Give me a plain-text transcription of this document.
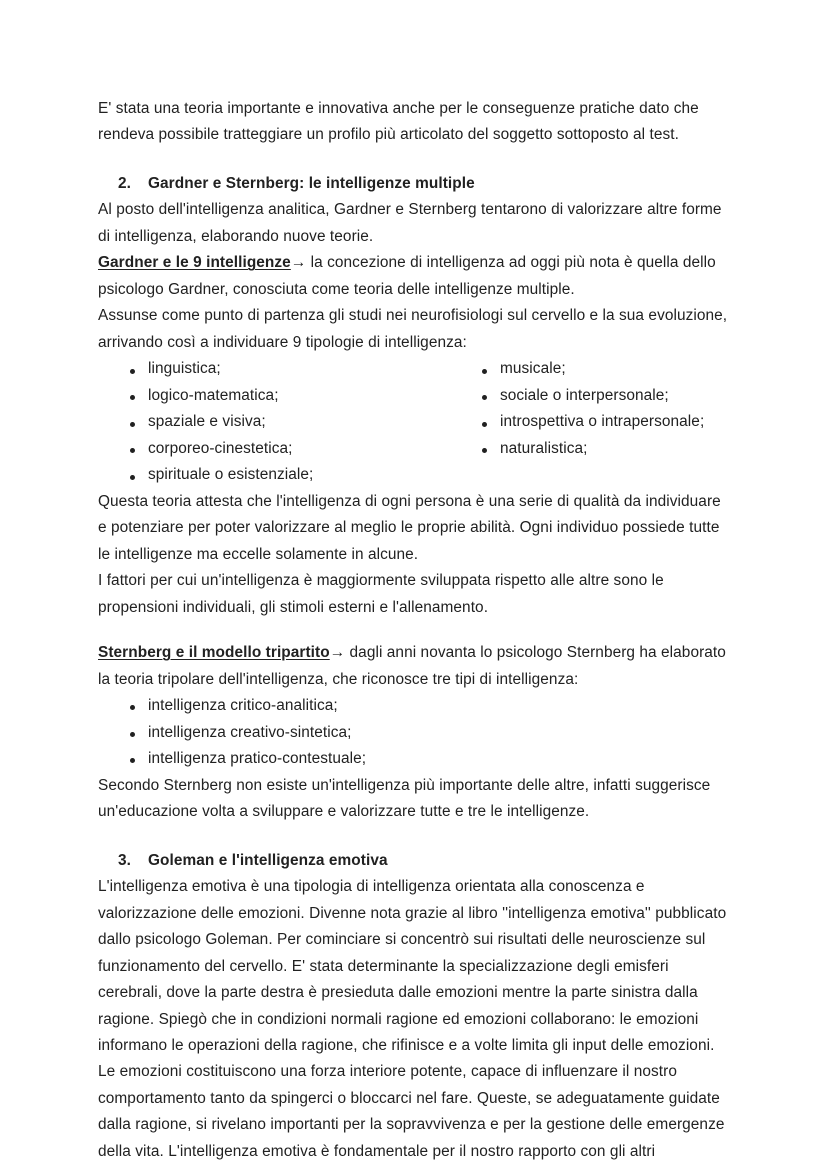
E' stata una teoria importante e innovativa anche per le conseguenze pratiche dato che rendeva possibile tratteggiare un profilo più articolato del soggetto sottoposto al test.

2.	Gardner e Sternberg: le intelligenze multiple

Al posto dell'intelligenza analitica, Gardner e Sternberg tentarono di valorizzare altre forme di intelligenza, elaborando nuove teorie.

Gardner e le 9 intelligenze→ la concezione di intelligenza ad oggi più nota è quella dello psicologo Gardner, conosciuta come teoria delle intelligenze multiple.

Assunse come punto di partenza gli studi nei neurofisiologi sul cervello e la sua evoluzione, arrivando così a individuare 9 tipologie di intelligenza:

linguistica;
logico-matematica;
spaziale e visiva;
corporeo-cinestetica;
spirituale o esistenziale;
musicale;
sociale o interpersonale;
introspettiva o intrapersonale;
naturalistica;

Questa teoria attesta che l'intelligenza di ogni persona è una serie di qualità da individuare e potenziare per poter valorizzare al meglio le proprie abilità. Ogni individuo possiede tutte le intelligenze ma eccelle solamente in alcune.

I fattori per cui un'intelligenza è maggiormente sviluppata rispetto alle altre sono le propensioni individuali, gli stimoli esterni e l'allenamento.

Sternberg e il modello tripartito→ dagli anni novanta lo psicologo Sternberg ha elaborato la teoria tripolare dell'intelligenza, che riconosce tre tipi di intelligenza:

intelligenza critico-analitica;
intelligenza creativo-sintetica;
intelligenza pratico-contestuale;

Secondo Sternberg non esiste un'intelligenza più importante delle altre, infatti suggerisce un'educazione volta a sviluppare e valorizzare tutte e tre le intelligenze.

3.	Goleman e l'intelligenza emotiva

L'intelligenza emotiva è una tipologia di intelligenza orientata alla conoscenza e valorizzazione delle emozioni. Divenne nota grazie al libro ''intelligenza emotiva'' pubblicato dallo psicologo Goleman. Per cominciare si concentrò sui risultati delle neuroscienze sul funzionamento del cervello. E' stata determinante la specializzazione degli emisferi cerebrali, dove la parte destra è presieduta dalle emozioni mentre la parte sinistra dalla ragione. Spiegò che in condizioni normali ragione ed emozioni collaborano: le emozioni informano le operazioni della ragione, che rifinisce e a volte limita gli input delle emozioni.

Le emozioni costituiscono una forza interiore potente, capace di influenzare il nostro comportamento tanto da spingerci o bloccarci nel fare. Queste, se adeguatamente guidate dalla ragione, si rivelano importanti per la sopravvivenza e per la gestione delle emergenze della vita. L'intelligenza emotiva è fondamentale per il nostro rapporto con gli altri
